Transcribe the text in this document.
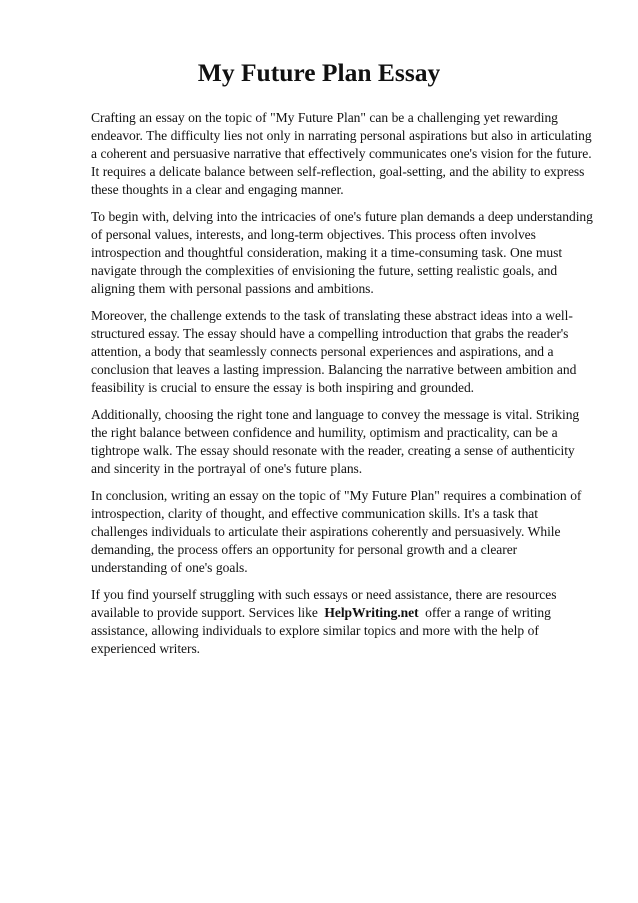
My Future Plan Essay

Crafting an essay on the topic of "My Future Plan" can be a challenging yet rewarding endeavor. The difficulty lies not only in narrating personal aspirations but also in articulating a coherent and persuasive narrative that effectively communicates one's vision for the future. It requires a delicate balance between self-reflection, goal-setting, and the ability to express these thoughts in a clear and engaging manner.

To begin with, delving into the intricacies of one's future plan demands a deep understanding of personal values, interests, and long-term objectives. This process often involves introspection and thoughtful consideration, making it a time-consuming task. One must navigate through the complexities of envisioning the future, setting realistic goals, and aligning them with personal passions and ambitions.

Moreover, the challenge extends to the task of translating these abstract ideas into a well-structured essay. The essay should have a compelling introduction that grabs the reader's attention, a body that seamlessly connects personal experiences and aspirations, and a conclusion that leaves a lasting impression. Balancing the narrative between ambition and feasibility is crucial to ensure the essay is both inspiring and grounded.

Additionally, choosing the right tone and language to convey the message is vital. Striking the right balance between confidence and humility, optimism and practicality, can be a tightrope walk. The essay should resonate with the reader, creating a sense of authenticity and sincerity in the portrayal of one's future plans.

In conclusion, writing an essay on the topic of "My Future Plan" requires a combination of introspection, clarity of thought, and effective communication skills. It's a task that challenges individuals to articulate their aspirations coherently and persuasively. While demanding, the process offers an opportunity for personal growth and a clearer understanding of one's goals.

If you find yourself struggling with such essays or need assistance, there are resources available to provide support. Services like HelpWriting.net offer a range of writing assistance, allowing individuals to explore similar topics and more with the help of experienced writers.
